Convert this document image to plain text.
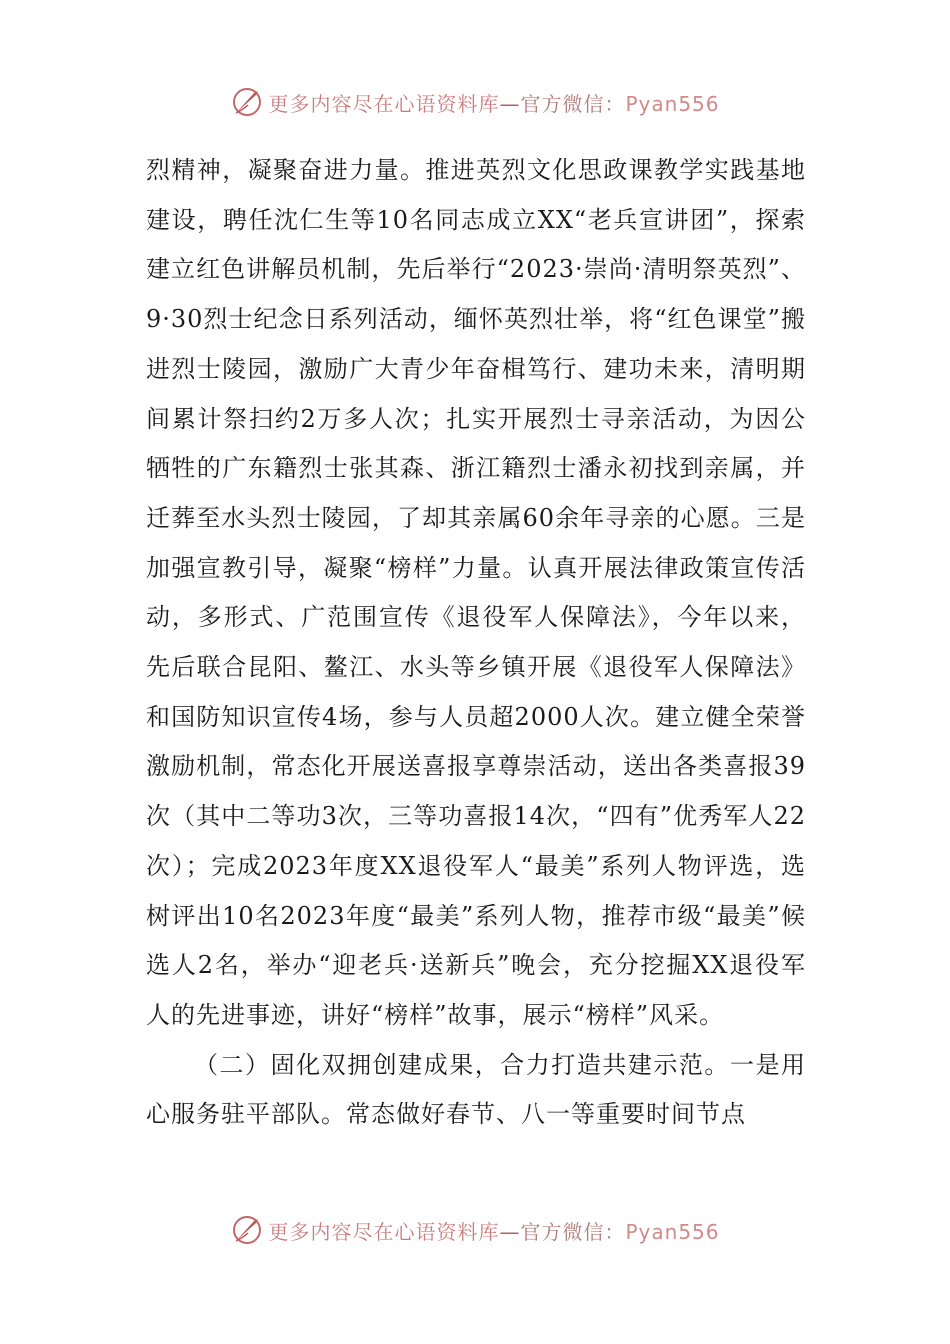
更多内容尽在心语资料库—官方微信：Pyan556

烈精神，凝聚奋进力量。推进英烈文化思政课教学实践基地建设，聘任沈仁生等10名同志成立XX“老兵宣讲团”，探索建立红色讲解员机制，先后举行“2023·崇尚·清明祭英烈”、9·30烈士纪念日系列活动，缅怀英烈壮举，将“红色课堂”搬进烈士陵园，激励广大青少年奋楫笃行、建功未来，清明期间累计祭扫约2万多人次；扎实开展烈士寻亲活动，为因公牺牲的广东籍烈士张其森、浙江籍烈士潘永初找到亲属，并迁葬至水头烈士陵园，了却其亲属60余年寻亲的心愿。三是加强宣教引导，凝聚“榜样”力量。认真开展法律政策宣传活动，多形式、广范围宣传《退役军人保障法》，今年以来，先后联合昆阳、鳌江、水头等乡镇开展《退役军人保障法》和国防知识宣传4场，参与人员超2000人次。建立健全荣誉激励机制，常态化开展送喜报享尊崇活动，送出各类喜报39次（其中二等功3次，三等功喜报14次，“四有”优秀军人22次）；完成2023年度XX退役军人“最美”系列人物评选，选树评出10名2023年度“最美”系列人物，推荐市级“最美”候选人2名，举办“迎老兵·送新兵”晚会，充分挖掘XX退役军人的先进事迹，讲好“榜样”故事，展示“榜样”风采。

（二）固化双拥创建成果，合力打造共建示范。一是用心服务驻平部队。常态做好春节、八一等重要时间节点

更多内容尽在心语资料库—官方微信：Pyan556
